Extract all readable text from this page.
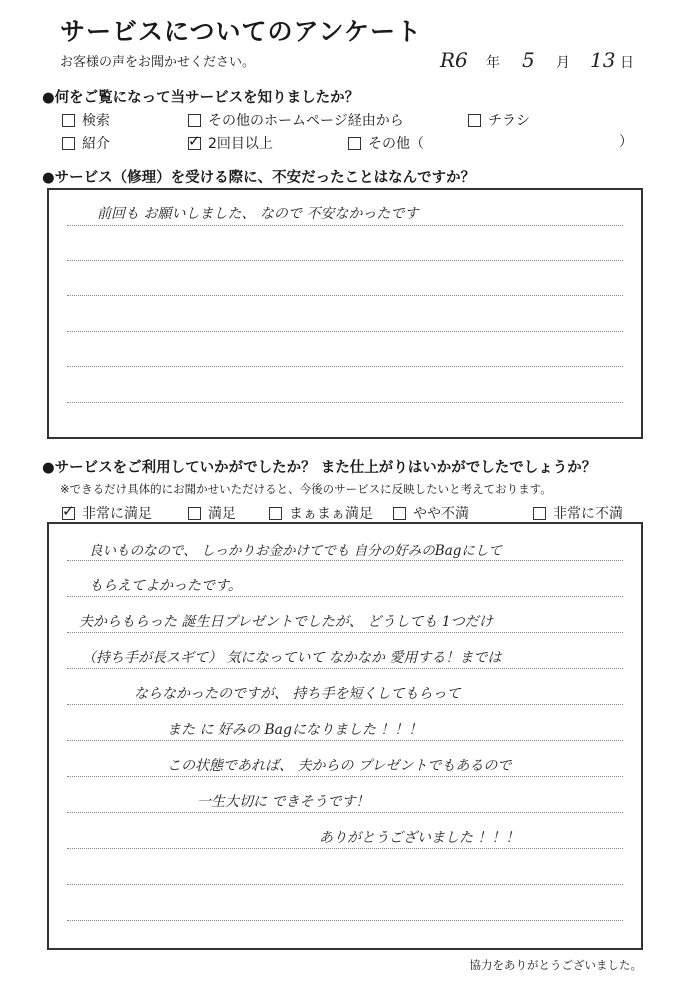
サービスについてのアンケート
お客様の声をお聞かせください。	R6 年 5 月 13 日
●何をご覧になって当サービスを知りましたか？
検索	その他のホームページ経由から	チラシ
紹介	✓ 2回目以上	その他（	）
●サービス（修理）を受ける際に、不安だったことはなんですか？
前回も お願いしました、 なので 不安なかったです
●サービスをご利用していかがでしたか？ また仕上がりはいかがでしたでしょうか？
※できるだけ具体的にお聞かせいただけると、今後のサービスに反映したいと考えております。
✓ 非常に満足	満足	まぁまぁ満足	やや不満	非常に不満
良いものなので、 しっかりお金かけてでも 自分の好みのBagにして
もらえてよかったです。
夫からもらった 誕生日プレゼントでしたが、 どうしても 1つだけ
（持ち手が長スギて） 気になっていて なかなか 愛用する！までは
ならなかったのですが、 持ち手を短くしてもらって
また に 好みの Bagになりました ！！！
この状態であれば、 夫からの プレゼントでもあるので
一生大切に できそうです！
ありがとうございました ！！！
協力をありがとうございました。
